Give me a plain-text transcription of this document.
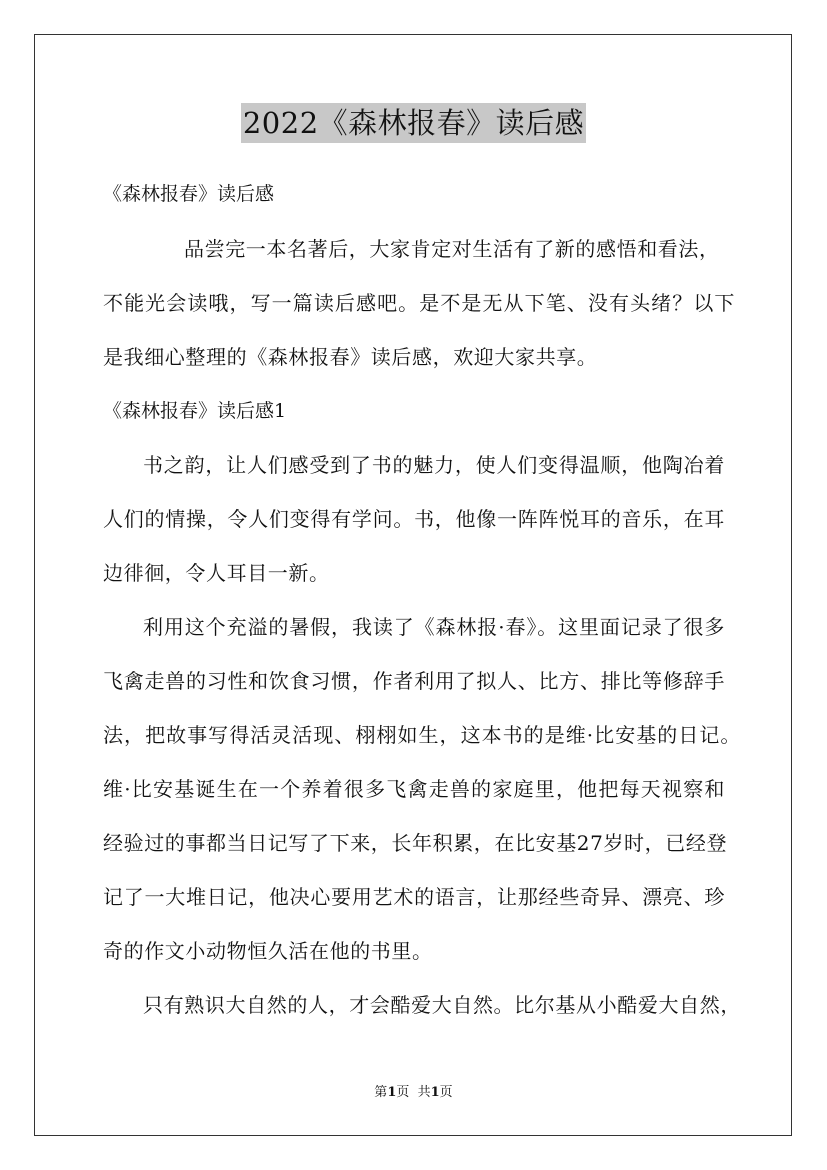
2022《森林报春》读后感
《森林报春》读后感
品尝完一本名著后，大家肯定对生活有了新的感悟和看法，
不能光会读哦，写一篇读后感吧。是不是无从下笔、没有头绪？以下
是我细心整理的《森林报春》读后感，欢迎大家共享。
《森林报春》读后感1
书之韵，让人们感受到了书的魅力，使人们变得温顺，他陶冶着
人们的情操，令人们变得有学问。书，他像一阵阵悦耳的音乐，在耳
边徘徊，令人耳目一新。
利用这个充溢的暑假，我读了《森林报·春》。这里面记录了很多
飞禽走兽的习性和饮食习惯，作者利用了拟人、比方、排比等修辞手
法，把故事写得活灵活现、栩栩如生，这本书的是维·比安基的日记。
维·比安基诞生在一个养着很多飞禽走兽的家庭里，他把每天视察和
经验过的事都当日记写了下来，长年积累，在比安基27岁时，已经登
记了一大堆日记，他决心要用艺术的语言，让那经些奇异、漂亮、珍
奇的作文小动物恒久活在他的书里。
只有熟识大自然的人，才会酷爱大自然。比尔基从小酷爱大自然，
第1页  共1页
